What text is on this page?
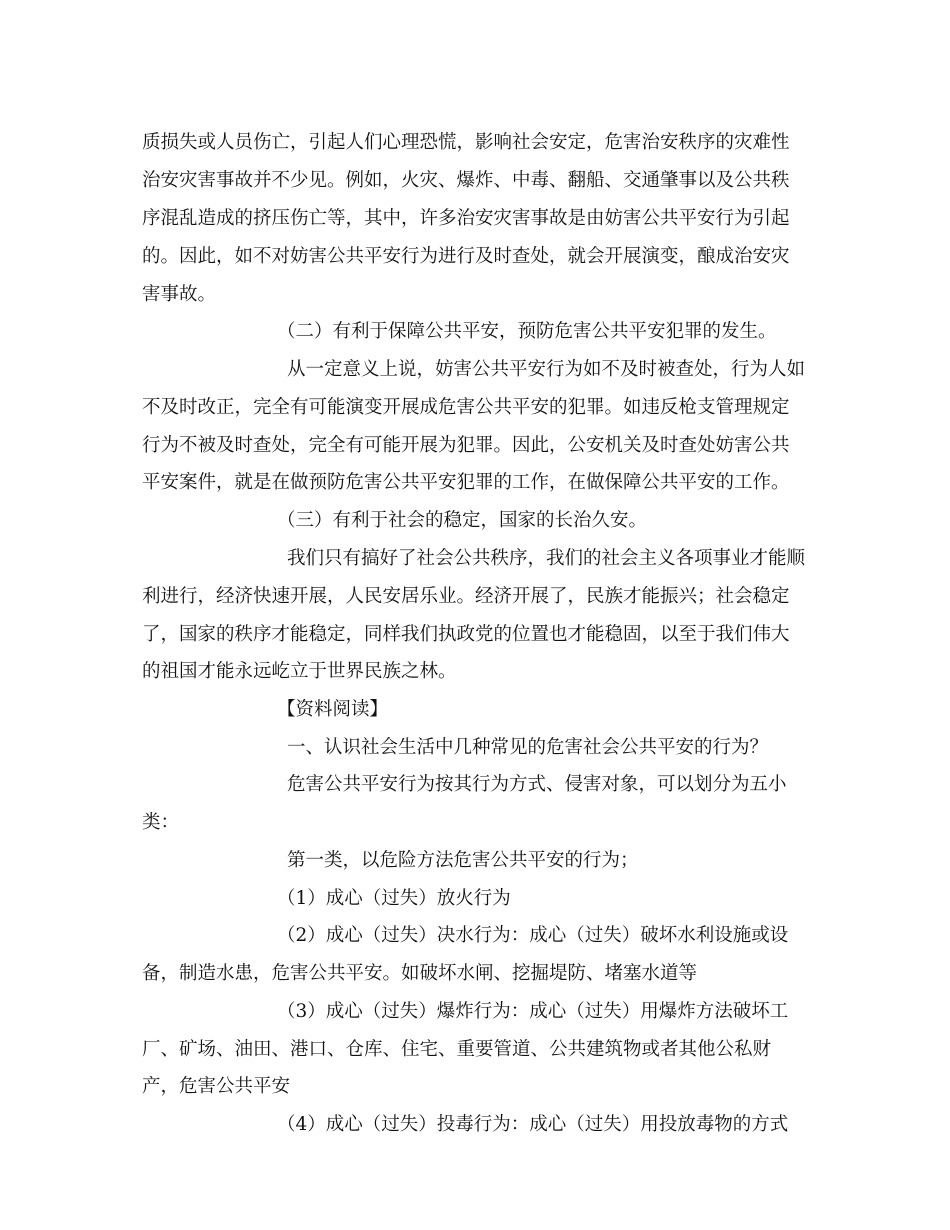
质损失或人员伤亡，引起人们心理恐慌，影响社会安定，危害治安秩序的灾难性
治安灾害事故并不少见。例如，火灾、爆炸、中毒、翻船、交通肇事以及公共秩
序混乱造成的挤压伤亡等，其中，许多治安灾害事故是由妨害公共平安行为引起
的。因此，如不对妨害公共平安行为进行及时查处，就会开展演变，酿成治安灾
害事故。
（二）有利于保障公共平安，预防危害公共平安犯罪的发生。
从一定意义上说，妨害公共平安行为如不及时被查处，行为人如
不及时改正，完全有可能演变开展成危害公共平安的犯罪。如违反枪支管理规定
行为不被及时查处，完全有可能开展为犯罪。因此，公安机关及时查处妨害公共
平安案件，就是在做预防危害公共平安犯罪的工作，在做保障公共平安的工作。
（三）有利于社会的稳定，国家的长治久安。
我们只有搞好了社会公共秩序，我们的社会主义各项事业才能顺
利进行，经济快速开展，人民安居乐业。经济开展了，民族才能振兴；社会稳定
了，国家的秩序才能稳定，同样我们执政党的位置也才能稳固，以至于我们伟大
的祖国才能永远屹立于世界民族之林。
【资料阅读】
一、认识社会生活中几种常见的危害社会公共平安的行为？
危害公共平安行为按其行为方式、侵害对象，可以划分为五小
类：
第一类，以危险方法危害公共平安的行为；
（1）成心（过失）放火行为
（2）成心（过失）决水行为：成心（过失）破坏水利设施或设
备，制造水患，危害公共平安。如破坏水闸、挖掘堤防、堵塞水道等
（3）成心（过失）爆炸行为：成心（过失）用爆炸方法破坏工
厂、矿场、油田、港口、仓库、住宅、重要管道、公共建筑物或者其他公私财
产，危害公共平安
（4）成心（过失）投毒行为：成心（过失）用投放毒物的方式
